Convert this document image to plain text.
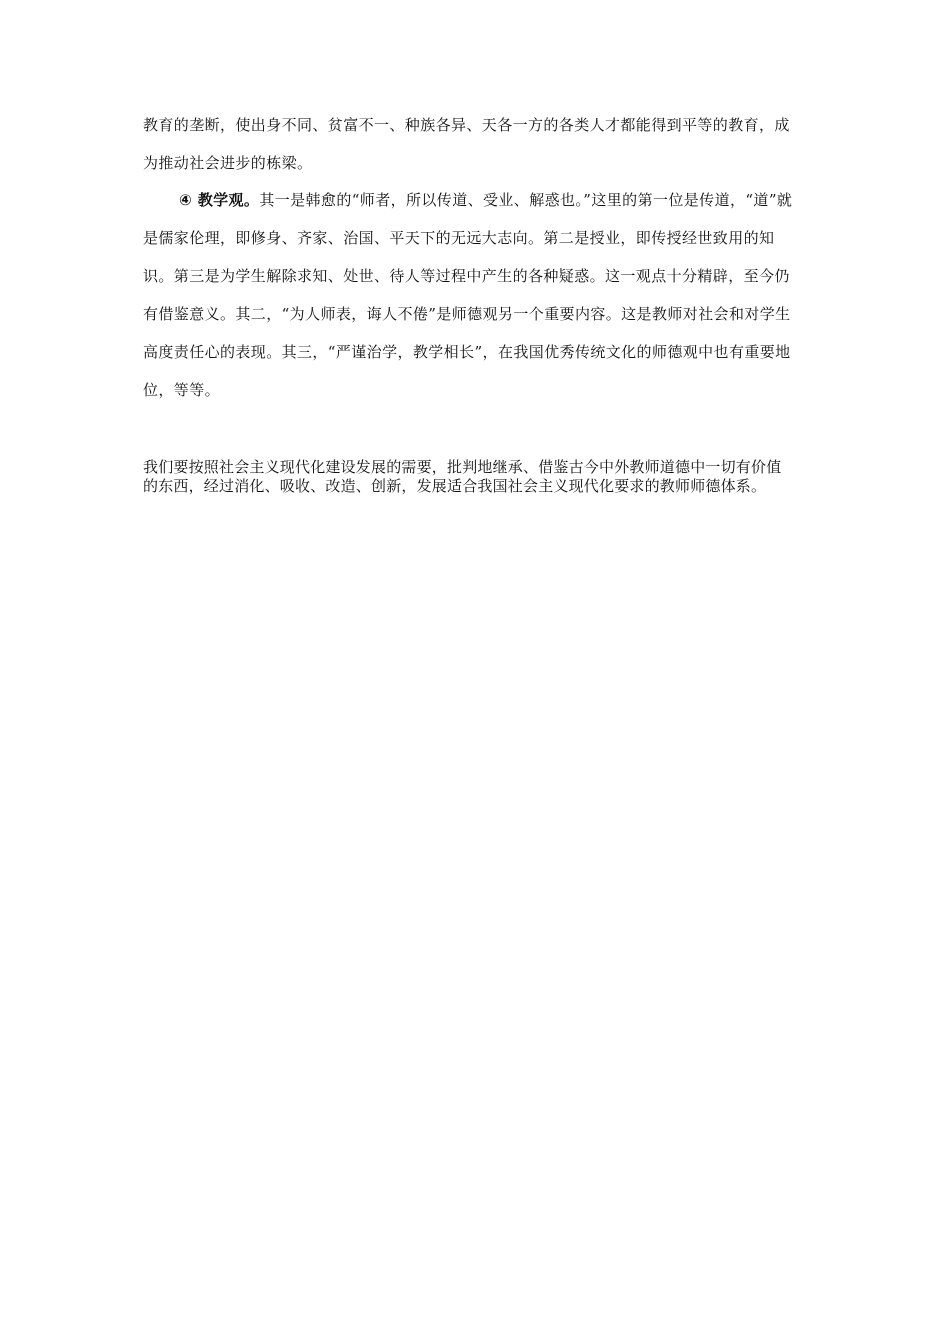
教育的垄断，使出身不同、贫富不一、种族各异、天各一方的各类人才都能得到平等的教育，成为推动社会进步的栋梁。

④ 教学观。其一是韩愈的“师者，所以传道、受业、解惑也。”这里的第一位是传道，“道”就是儒家伦理，即修身、齐家、治国、平天下的无远大志向。第二是授业，即传授经世致用的知识。第三是为学生解除求知、处世、待人等过程中产生的各种疑惑。这一观点十分精辟，至今仍有借鉴意义。其二，“为人师表，诲人不倦”是师德观另一个重要内容。这是教师对社会和对学生高度责任心的表现。其三，“严谨治学，教学相长”，在我国优秀传统文化的师德观中也有重要地位，等等。

我们要按照社会主义现代化建设发展的需要，批判地继承、借鉴古今中外教师道德中一切有价值的东西，经过消化、吸收、改造、创新，发展适合我国社会主义现代化要求的教师师德体系。
